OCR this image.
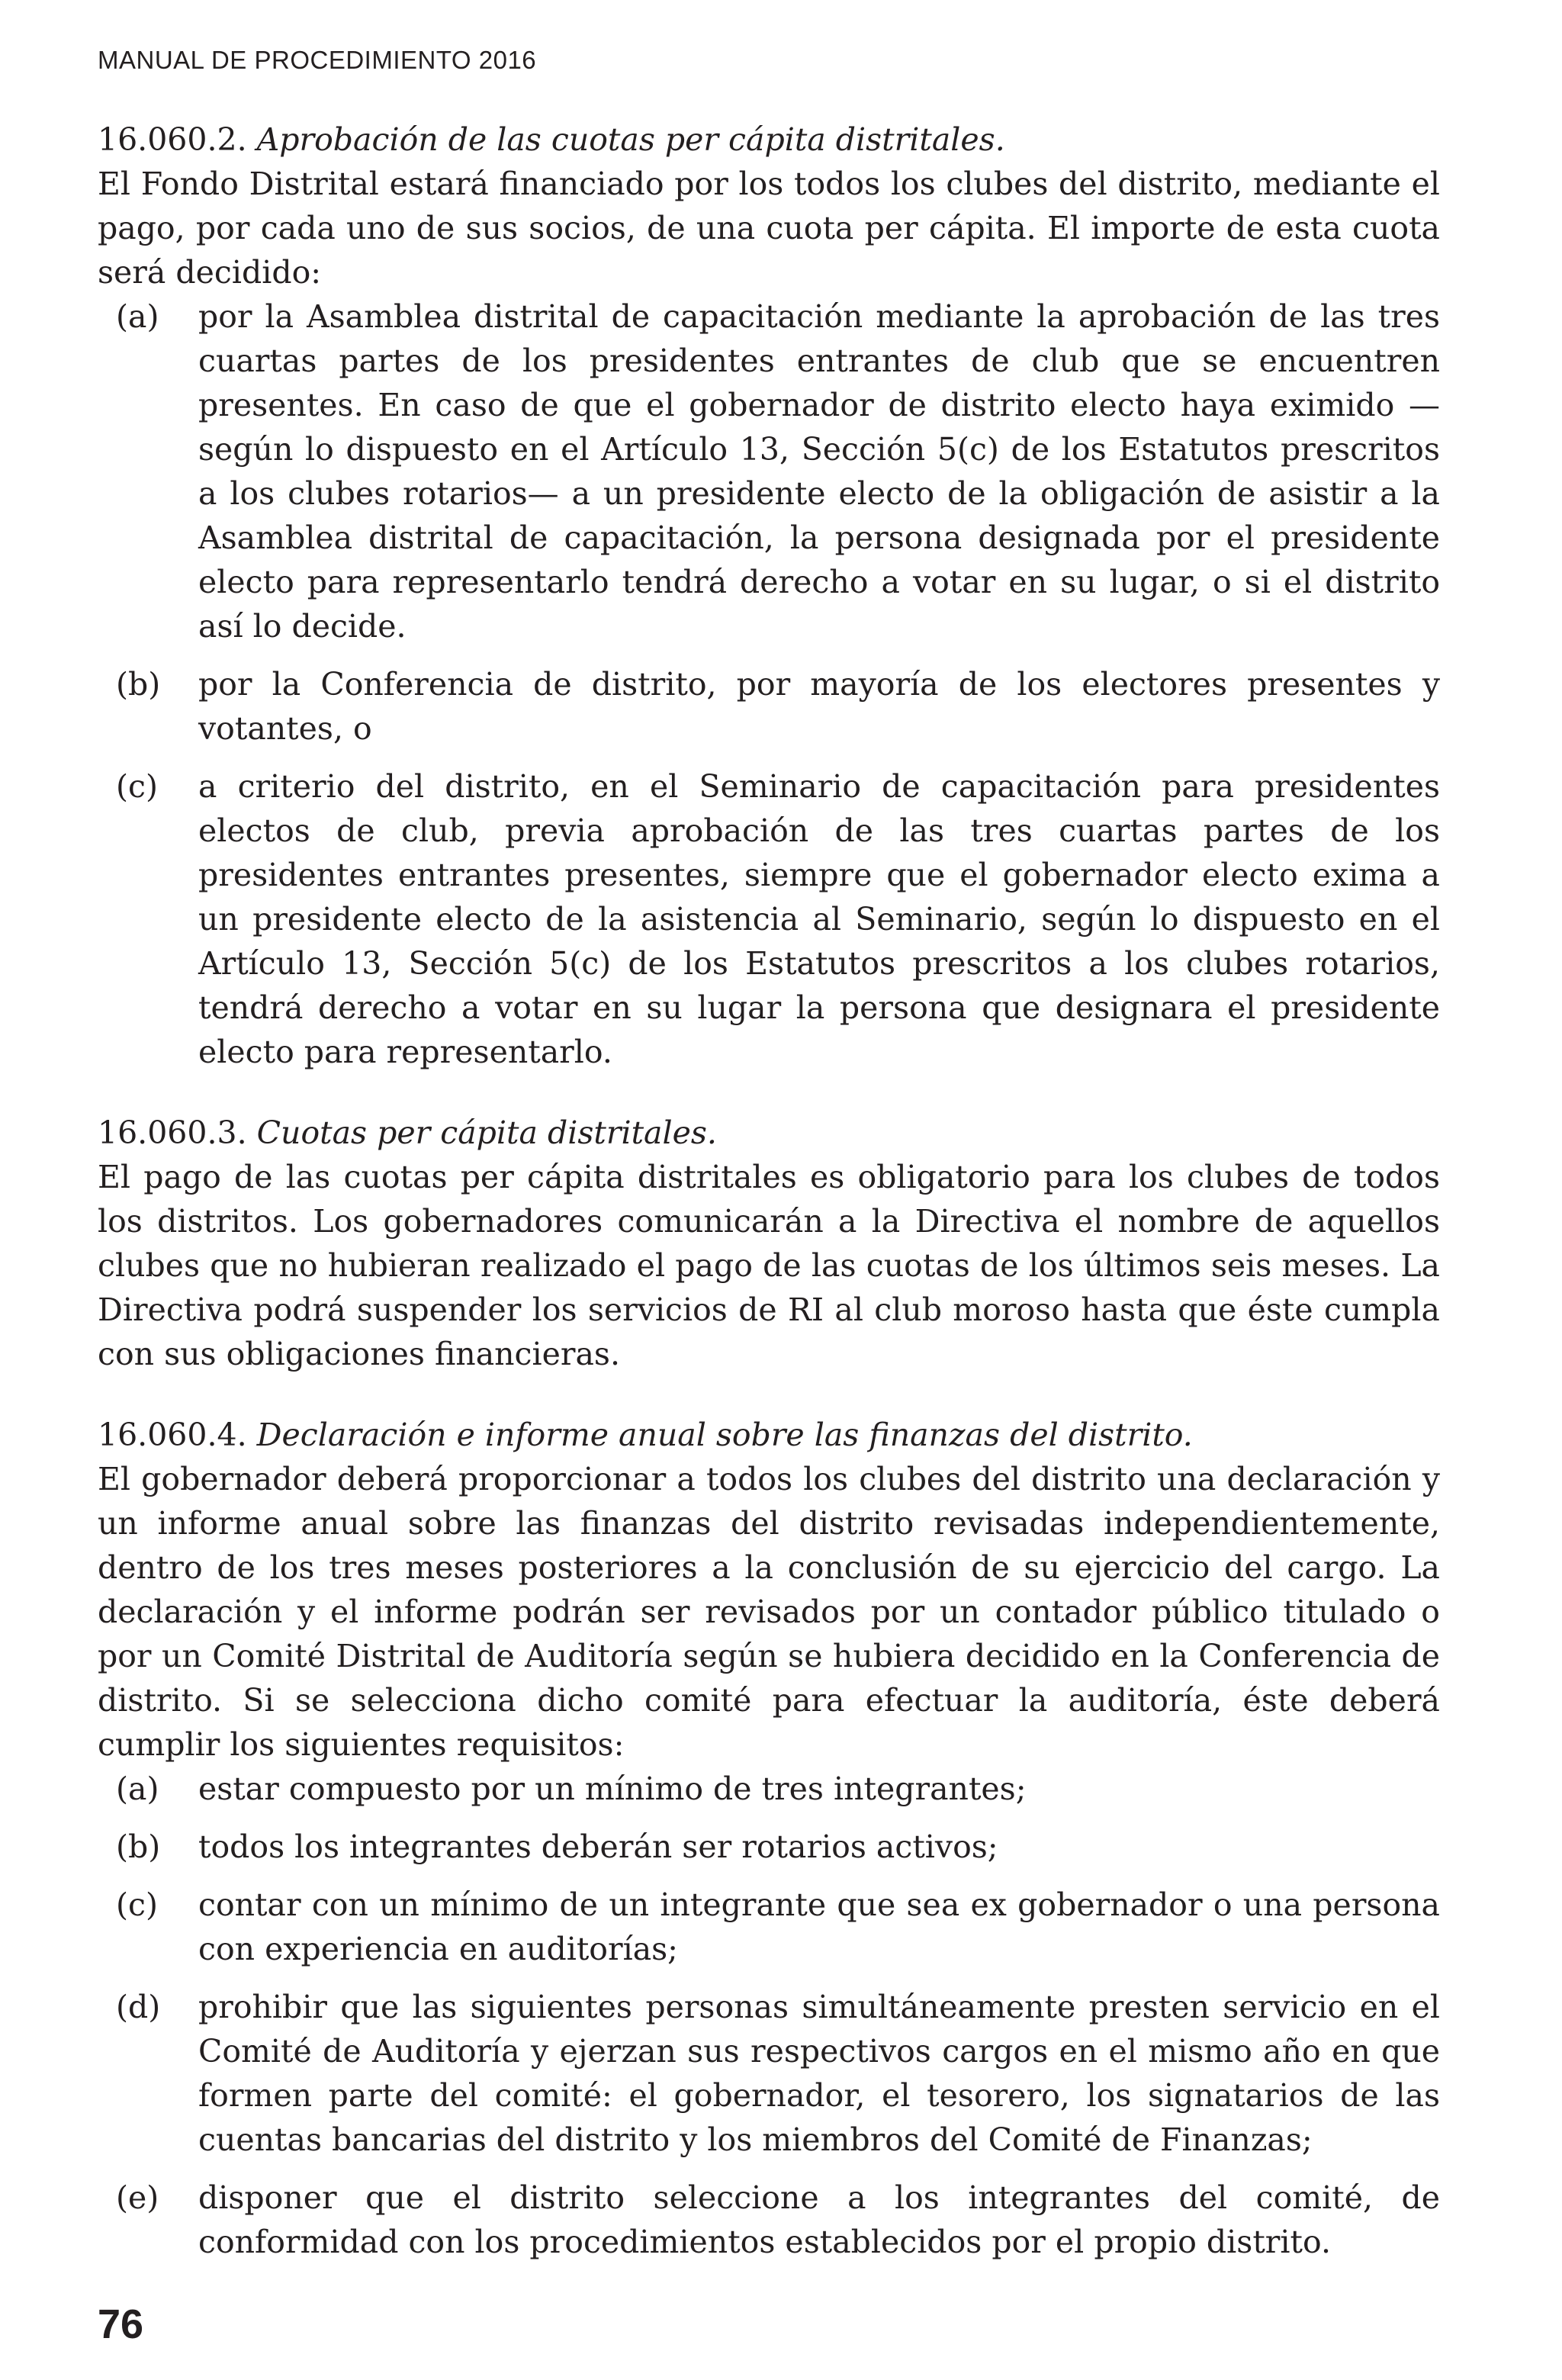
MANUAL DE PROCEDIMIENTO 2016

16.060.2. Aprobación de las cuotas per cápita distritales.

El Fondo Distrital estará financiado por los todos los clubes del distrito, mediante el pago, por cada uno de sus socios, de una cuota per cápita. El importe de esta cuota será decidido:

(a)	por la Asamblea distrital de capacitación mediante la aprobación de las tres cuartas partes de los presidentes entrantes de club que se encuentren presentes. En caso de que el gobernador de distrito electo haya eximido —según lo dispuesto en el Artículo 13, Sección 5(c) de los Estatutos prescritos a los clubes rotarios— a un presidente electo de la obligación de asistir a la Asamblea distrital de capacitación, la persona designada por el presidente electo para representarlo tendrá derecho a votar en su lugar, o si el distrito así lo decide.
(b)	por la Conferencia de distrito, por mayoría de los electores presentes y votantes, o
(c)	a criterio del distrito, en el Seminario de capacitación para presidentes electos de club, previa aprobación de las tres cuartas partes de los presidentes entrantes presentes, siempre que el gobernador electo exima a un presidente electo de la asistencia al Seminario, según lo dispuesto en el Artículo 13, Sección 5(c) de los Estatutos prescritos a los clubes rotarios, tendrá derecho a votar en su lugar la persona que designara el presidente electo para representarlo.

16.060.3. Cuotas per cápita distritales.

El pago de las cuotas per cápita distritales es obligatorio para los clubes de todos los distritos. Los gobernadores comunicarán a la Directiva el nombre de aquellos clubes que no hubieran realizado el pago de las cuotas de los últimos seis meses. La Directiva podrá suspender los servicios de RI al club moroso hasta que éste cumpla con sus obligaciones financieras.

16.060.4. Declaración e informe anual sobre las finanzas del distrito.

El gobernador deberá proporcionar a todos los clubes del distrito una declaración y un informe anual sobre las finanzas del distrito revisadas independientemente, dentro de los tres meses posteriores a la conclusión de su ejercicio del cargo. La declaración y el informe podrán ser revisados por un contador público titulado o por un Comité Distrital de Auditoría según se hubiera decidido en la Conferencia de distrito. Si se selecciona dicho comité para efectuar la auditoría, éste deberá cumplir los siguientes requisitos:

(a)	estar compuesto por un mínimo de tres integrantes;
(b)	todos los integrantes deberán ser rotarios activos;
(c)	contar con un mínimo de un integrante que sea ex gobernador o una persona con experiencia en auditorías;
(d)	prohibir que las siguientes personas simultáneamente presten servicio en el Comité de Auditoría y ejerzan sus respectivos cargos en el mismo año en que formen parte del comité: el gobernador, el tesorero, los signatarios de las cuentas bancarias del distrito y los miembros del Comité de Finanzas;
(e)	disponer que el distrito seleccione a los integrantes del comité, de conformidad con los procedimientos establecidos por el propio distrito.
76
